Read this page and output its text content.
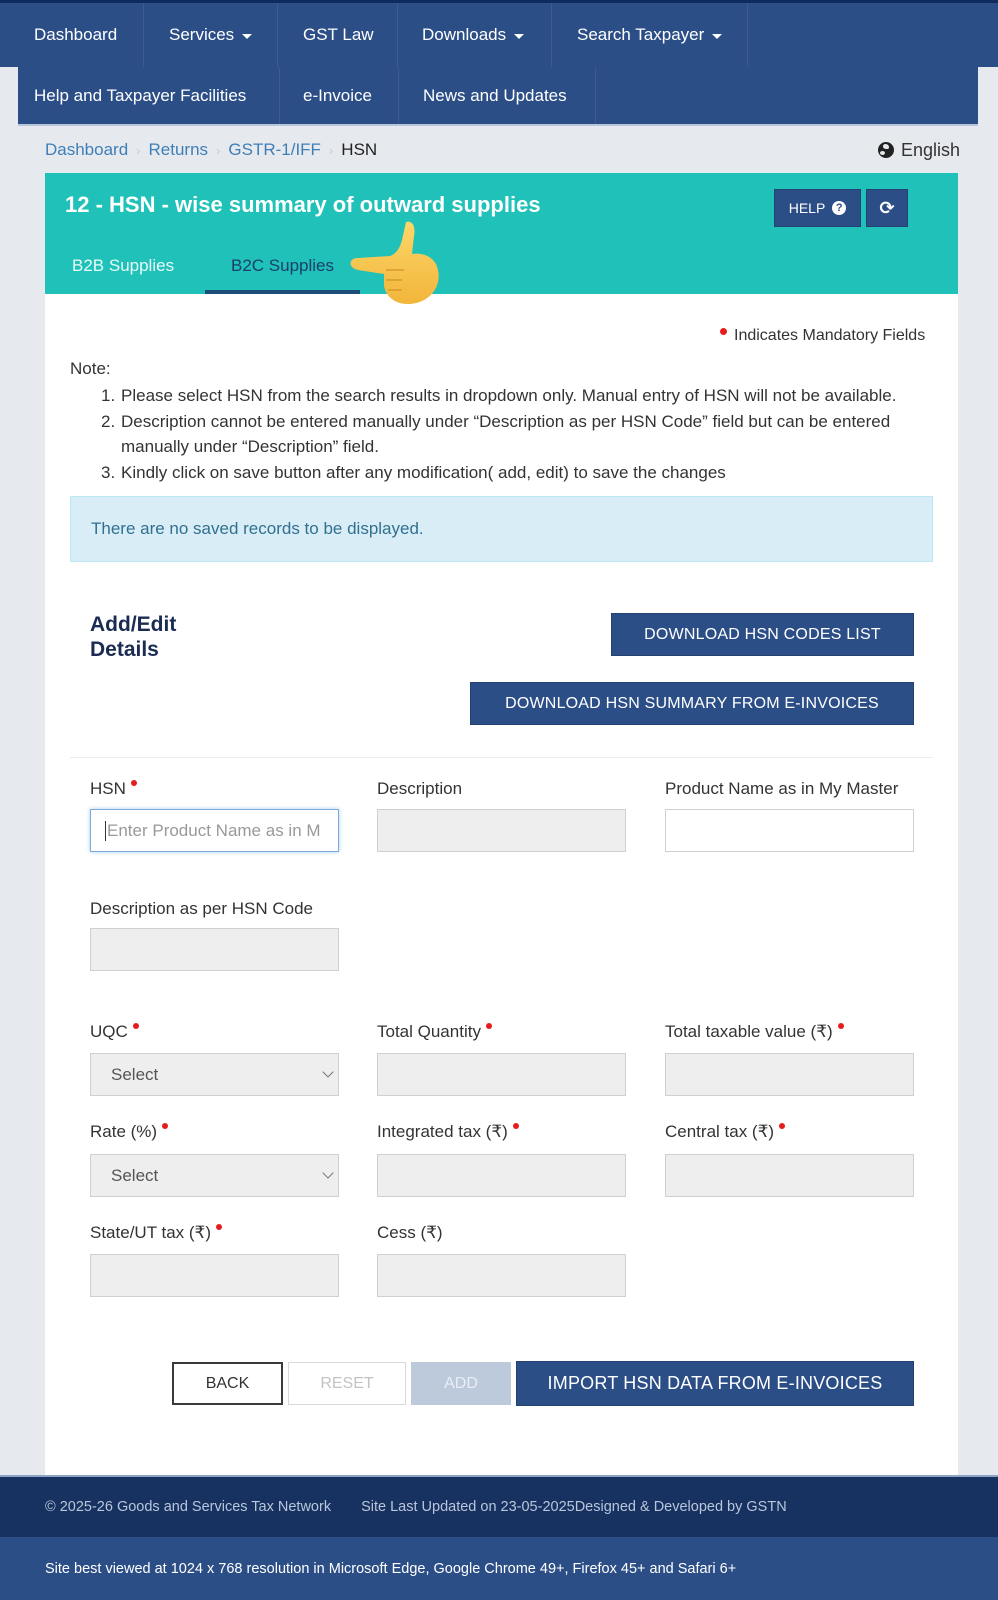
Dashboard	Services	GST Law	Downloads	Search Taxpayer
Help and Taxpayer Facilities	e-Invoice	News and Updates
Dashboard › Returns › GSTR-1/IFF › HSN	English
12 - HSN - wise summary of outward supplies	HELP ? ⟳
B2B Supplies	B2C Supplies
Indicates Mandatory Fields
Note:
1. Please select HSN from the search results in dropdown only. Manual entry of HSN will not be available.
2. Description cannot be entered manually under “Description as per HSN Code” field but can be entered manually under “Description” field.
3. Kindly click on save button after any modification( add, edit) to save the changes
There are no saved records to be displayed.
Add/Edit
Details
DOWNLOAD HSN CODES LIST
DOWNLOAD HSN SUMMARY FROM E-INVOICES
HSN	Description	Product Name as in My Master
Enter Product Name as in M
Description as per HSN Code
UQC	Total Quantity	Total taxable value (₹)
Select
Rate (%)	Integrated tax (₹)	Central tax (₹)
Select
State/UT tax (₹)	Cess (₹)
BACK	RESET	ADD	IMPORT HSN DATA FROM E-INVOICES
© 2025-26 Goods and Services Tax Network Site Last Updated on 23-05-2025Designed & Developed by GSTN
Site best viewed at 1024 x 768 resolution in Microsoft Edge, Google Chrome 49+, Firefox 45+ and Safari 6+
